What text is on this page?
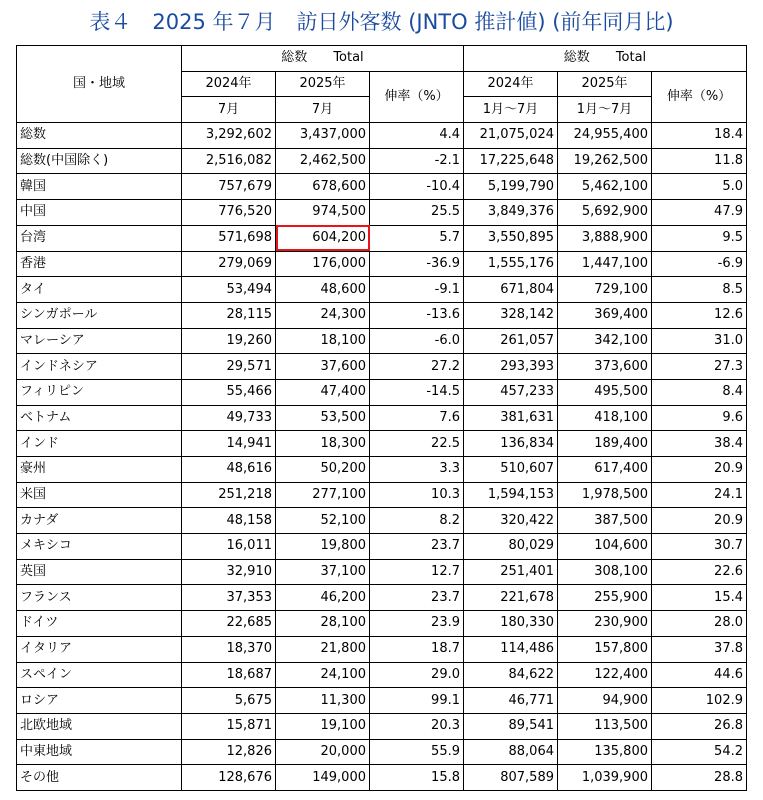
表４　2025 年７月　訪日外客数 (JNTO 推計値) (前年同月比)
国・地域	総数 Total			総数 Total		

	2024年	2025年	伸率（%）	2024年	2025年	伸率（%）
	7月	7月		1月～7月	1月～7月	
総数	3,292,602	3,437,000	4.4	21,075,024	24,955,400	18.4
総数(中国除く)	2,516,082	2,462,500	-2.1	17,225,648	19,262,500	11.8
韓国	757,679	678,600	-10.4	5,199,790	5,462,100	5.0
中国	776,520	974,500	25.5	3,849,376	5,692,900	47.9
台湾	571,698	604,200	5.7	3,550,895	3,888,900	9.5
香港	279,069	176,000	-36.9	1,555,176	1,447,100	-6.9
タイ	53,494	48,600	-9.1	671,804	729,100	8.5
シンガポール	28,115	24,300	-13.6	328,142	369,400	12.6
マレーシア	19,260	18,100	-6.0	261,057	342,100	31.0
インドネシア	29,571	37,600	27.2	293,393	373,600	27.3
フィリピン	55,466	47,400	-14.5	457,233	495,500	8.4
ベトナム	49,733	53,500	7.6	381,631	418,100	9.6
インド	14,941	18,300	22.5	136,834	189,400	38.4
豪州	48,616	50,200	3.3	510,607	617,400	20.9
米国	251,218	277,100	10.3	1,594,153	1,978,500	24.1
カナダ	48,158	52,100	8.2	320,422	387,500	20.9
メキシコ	16,011	19,800	23.7	80,029	104,600	30.7
英国	32,910	37,100	12.7	251,401	308,100	22.6
フランス	37,353	46,200	23.7	221,678	255,900	15.4
ドイツ	22,685	28,100	23.9	180,330	230,900	28.0
イタリア	18,370	21,800	18.7	114,486	157,800	37.8
スペイン	18,687	24,100	29.0	84,622	122,400	44.6
ロシア	5,675	11,300	99.1	46,771	94,900	102.9
北欧地域	15,871	19,100	20.3	89,541	113,500	26.8
中東地域	12,826	20,000	55.9	88,064	135,800	54.2
その他	128,676	149,000	15.8	807,589	1,039,900	28.8
